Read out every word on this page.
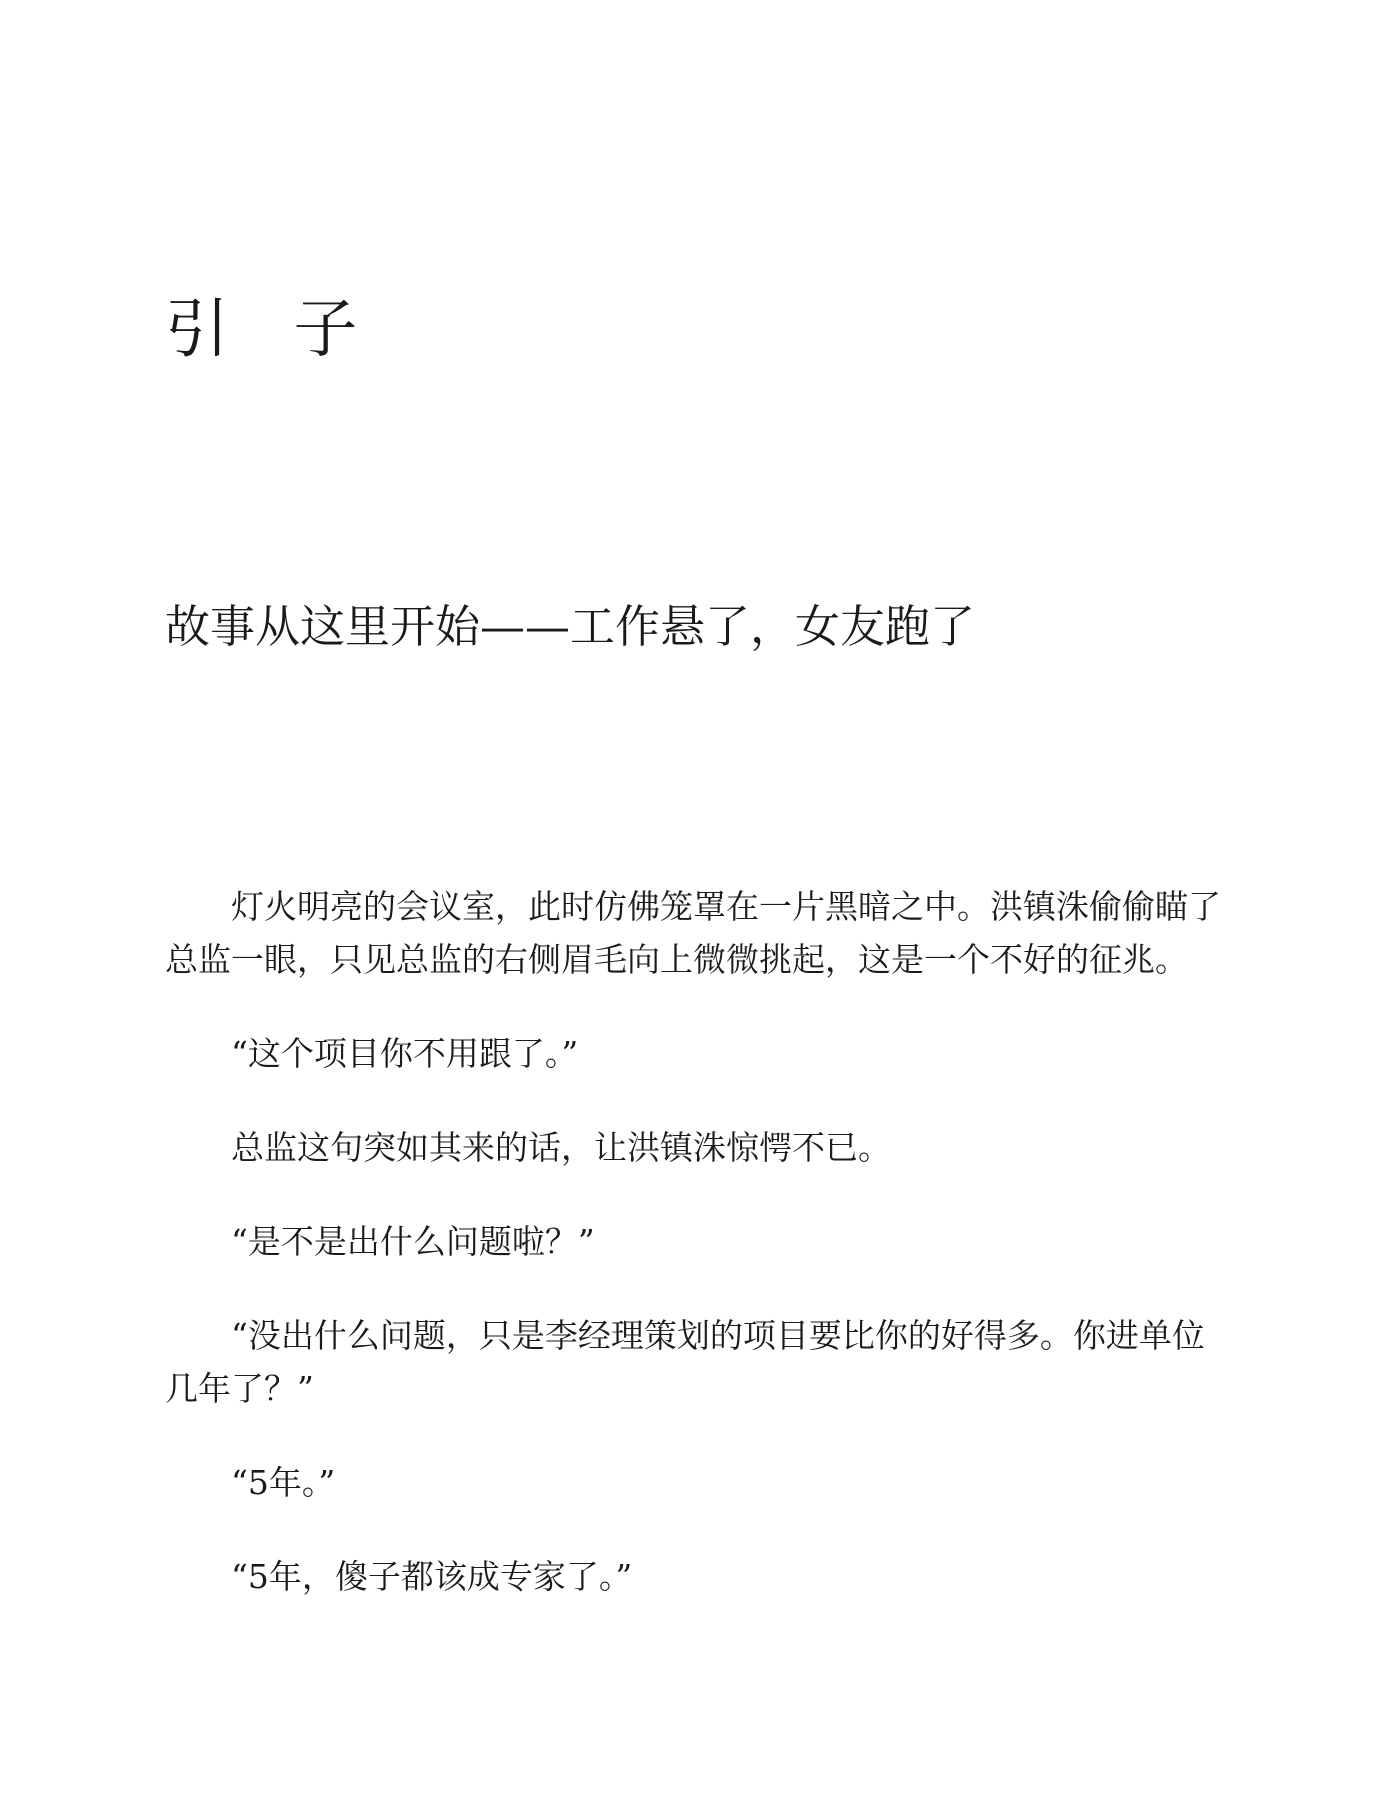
引 子
故事从这里开始——工作悬了，女友跑了

灯火明亮的会议室，此时仿佛笼罩在一片黑暗之中。洪镇洙偷偷瞄了总监一眼，只见总监的右侧眉毛向上微微挑起，这是一个不好的征兆。

“这个项目你不用跟了。”

总监这句突如其来的话，让洪镇洙惊愕不已。

“是不是出什么问题啦？”

“没出什么问题，只是李经理策划的项目要比你的好得多。你进单位几年了？”

“5年。”

“5年，傻子都该成专家了。”
